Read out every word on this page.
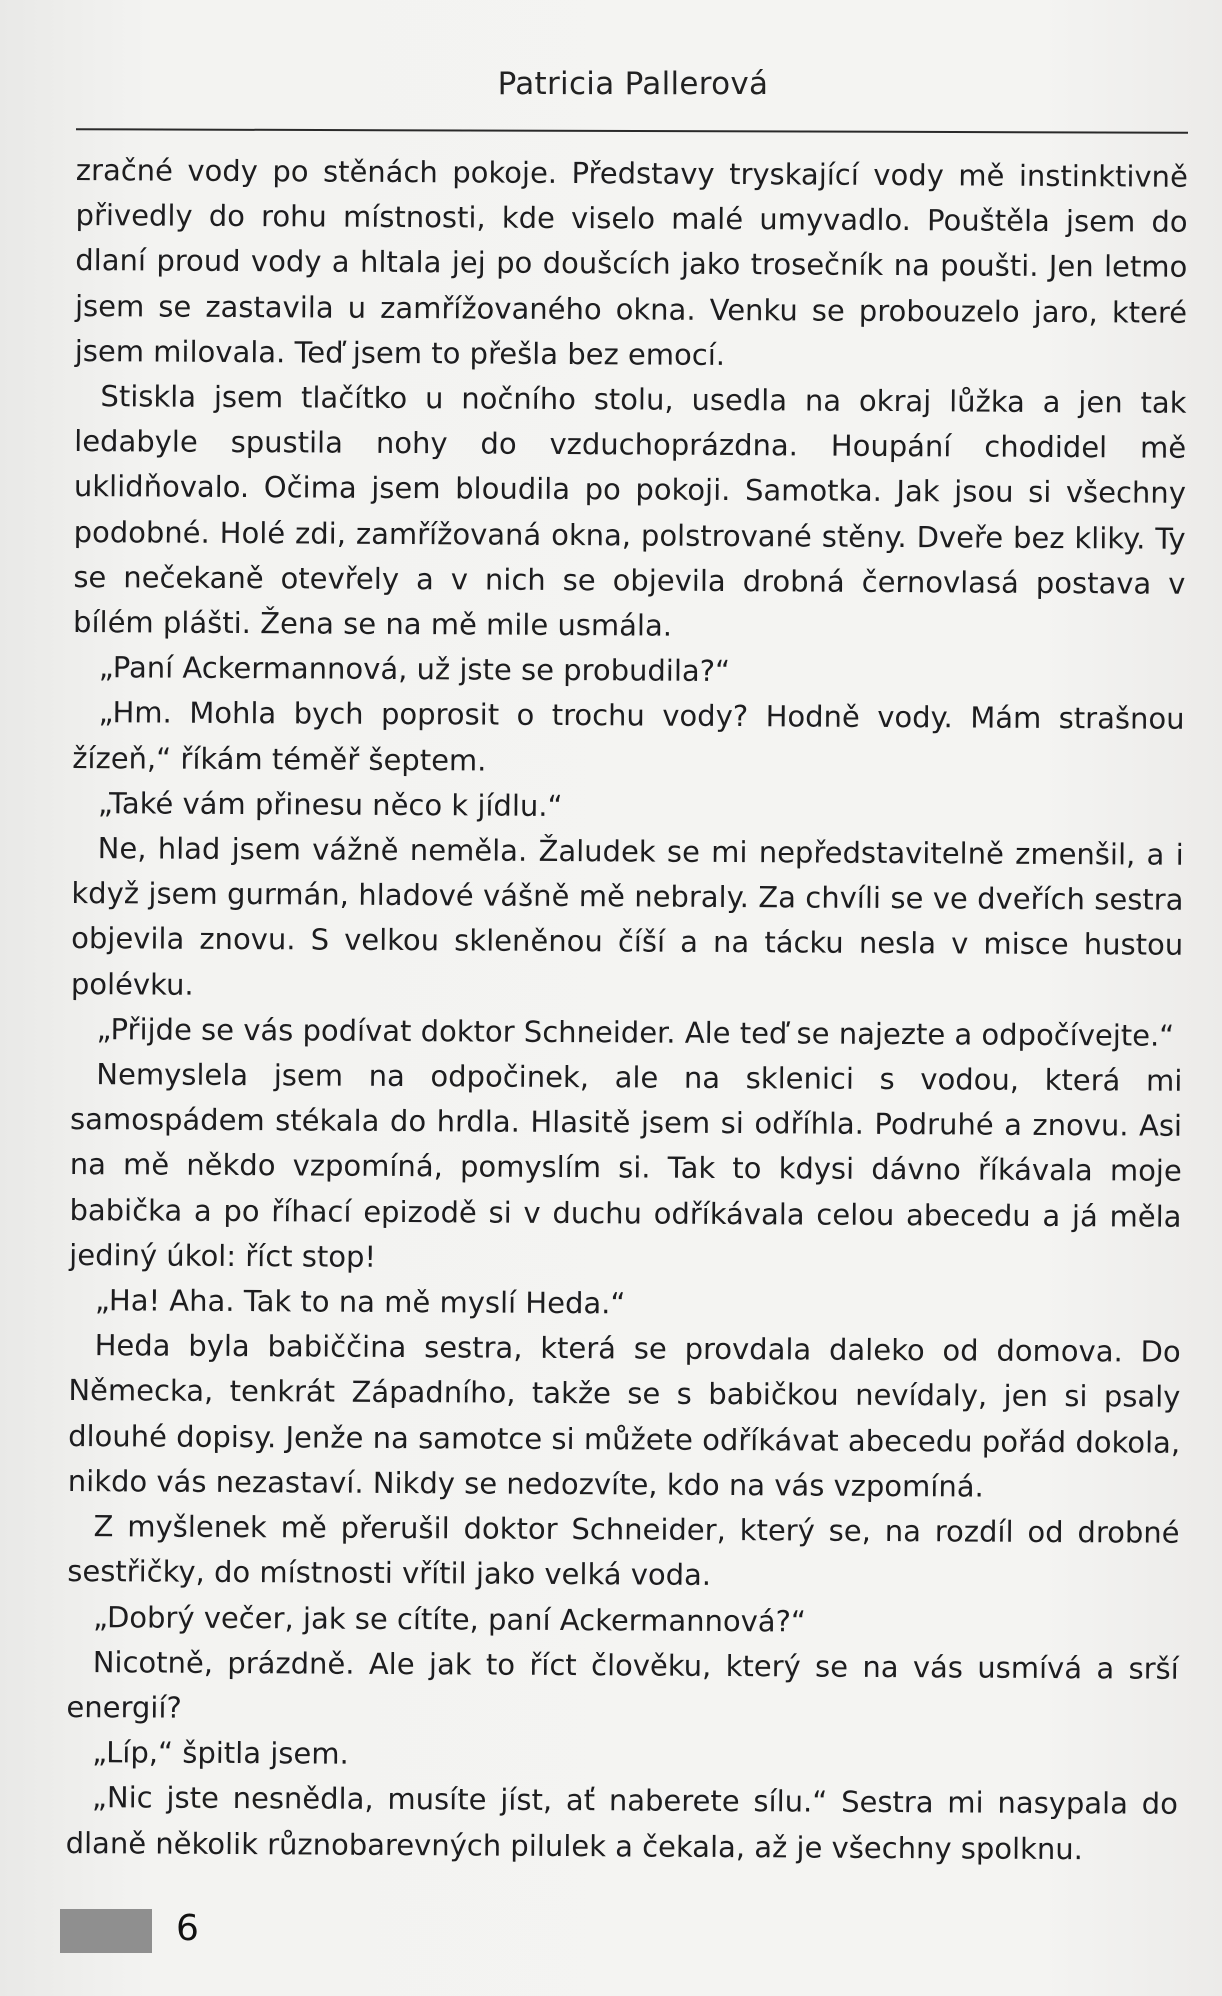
Patricia Pallerová

zračné vody po stěnách pokoje. Představy tryskající vody mě instinktivně přivedly do rohu místnosti, kde viselo malé umyvadlo. Pouštěla jsem do dlaní proud vody a hltala jej po doušcích jako trosečník na poušti. Jen letmo jsem se zastavila u zamřížovaného okna. Venku se probouzelo jaro, které jsem milovala. Teď jsem to přešla bez emocí.

Stiskla jsem tlačítko u nočního stolu, usedla na okraj lůžka a jen tak ledabyle spustila nohy do vzduchoprázdna. Houpání chodidel mě uklidňovalo. Očima jsem bloudila po pokoji. Samotka. Jak jsou si všechny podobné. Holé zdi, zamřížovaná okna, polstrované stěny. Dveře bez kliky. Ty se nečekaně otevřely a v nich se objevila drobná černovlasá postava v bílém plášti. Žena se na mě mile usmála.

„Paní Ackermannová, už jste se probudila?“

„Hm. Mohla bych poprosit o trochu vody? Hodně vody. Mám strašnou žízeň,“ říkám téměř šeptem.

„Také vám přinesu něco k jídlu.“

Ne, hlad jsem vážně neměla. Žaludek se mi nepředstavitelně zmenšil, a i když jsem gurmán, hladové vášně mě nebraly. Za chvíli se ve dveřích sestra objevila znovu. S velkou skleněnou číší a na tácku nesla v misce hustou polévku.

„Přijde se vás podívat doktor Schneider. Ale teď se najezte a odpočívejte.“

Nemyslela jsem na odpočinek, ale na sklenici s vodou, která mi samospádem stékala do hrdla. Hlasitě jsem si odříhla. Podruhé a znovu. Asi na mě někdo vzpomíná, pomyslím si. Tak to kdysi dávno říkávala moje babička a po říhací epizodě si v duchu odříkávala celou abecedu a já měla jediný úkol: říct stop!

„Ha! Aha. Tak to na mě myslí Heda.“

Heda byla babiččina sestra, která se provdala daleko od domova. Do Německa, tenkrát Západního, takže se s babičkou nevídaly, jen si psaly dlouhé dopisy. Jenže na samotce si můžete odříkávat abecedu pořád dokola, nikdo vás nezastaví. Nikdy se nedozvíte, kdo na vás vzpomíná.

Z myšlenek mě přerušil doktor Schneider, který se, na rozdíl od drobné sestřičky, do místnosti vřítil jako velká voda.

„Dobrý večer, jak se cítíte, paní Ackermannová?“

Nicotně, prázdně. Ale jak to říct člověku, který se na vás usmívá a srší energií?

„Líp,“ špitla jsem.

„Nic jste nesnědla, musíte jíst, ať naberete sílu.“ Sestra mi nasypala do dlaně několik různobarevných pilulek a čekala, až je všechny spolknu.

6
